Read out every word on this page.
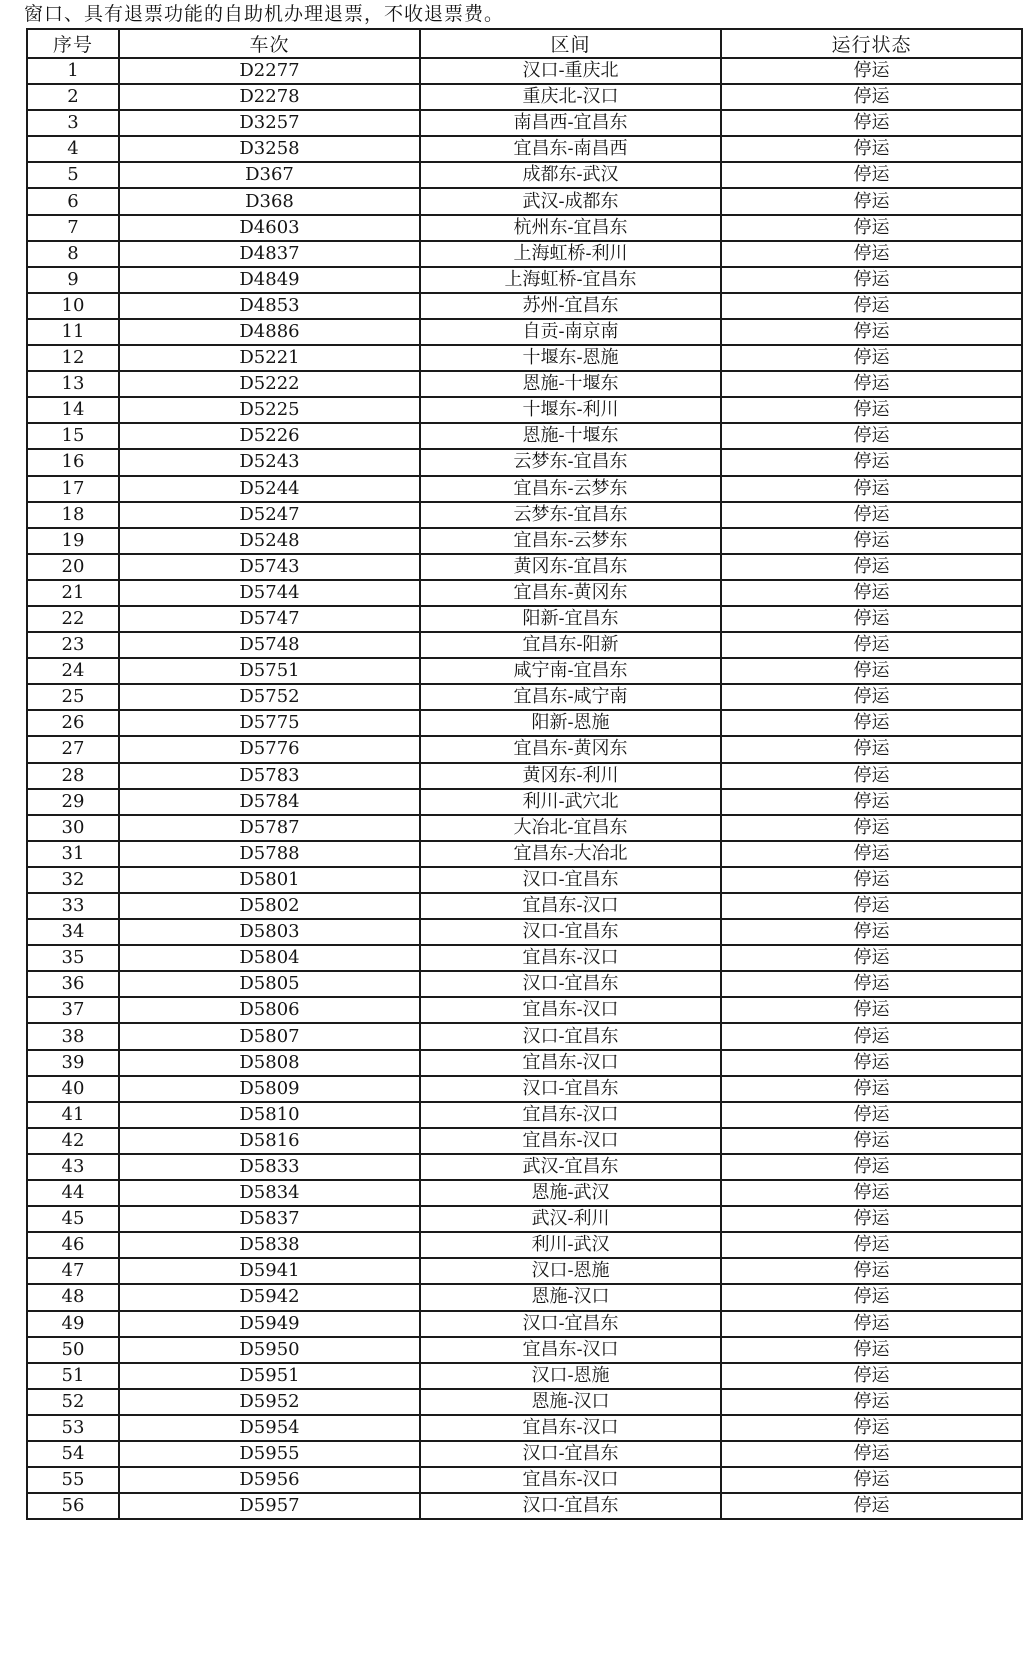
窗口、具有退票功能的自助机办理退票，不收退票费。
序号	车次	区间	运行状态
1	D2277	汉口-重庆北	停运
2	D2278	重庆北-汉口	停运
3	D3257	南昌西-宜昌东	停运
4	D3258	宜昌东-南昌西	停运
5	D367	成都东-武汉	停运
6	D368	武汉-成都东	停运
7	D4603	杭州东-宜昌东	停运
8	D4837	上海虹桥-利川	停运
9	D4849	上海虹桥-宜昌东	停运
10	D4853	苏州-宜昌东	停运
11	D4886	自贡-南京南	停运
12	D5221	十堰东-恩施	停运
13	D5222	恩施-十堰东	停运
14	D5225	十堰东-利川	停运
15	D5226	恩施-十堰东	停运
16	D5243	云梦东-宜昌东	停运
17	D5244	宜昌东-云梦东	停运
18	D5247	云梦东-宜昌东	停运
19	D5248	宜昌东-云梦东	停运
20	D5743	黄冈东-宜昌东	停运
21	D5744	宜昌东-黄冈东	停运
22	D5747	阳新-宜昌东	停运
23	D5748	宜昌东-阳新	停运
24	D5751	咸宁南-宜昌东	停运
25	D5752	宜昌东-咸宁南	停运
26	D5775	阳新-恩施	停运
27	D5776	宜昌东-黄冈东	停运
28	D5783	黄冈东-利川	停运
29	D5784	利川-武穴北	停运
30	D5787	大冶北-宜昌东	停运
31	D5788	宜昌东-大冶北	停运
32	D5801	汉口-宜昌东	停运
33	D5802	宜昌东-汉口	停运
34	D5803	汉口-宜昌东	停运
35	D5804	宜昌东-汉口	停运
36	D5805	汉口-宜昌东	停运
37	D5806	宜昌东-汉口	停运
38	D5807	汉口-宜昌东	停运
39	D5808	宜昌东-汉口	停运
40	D5809	汉口-宜昌东	停运
41	D5810	宜昌东-汉口	停运
42	D5816	宜昌东-汉口	停运
43	D5833	武汉-宜昌东	停运
44	D5834	恩施-武汉	停运
45	D5837	武汉-利川	停运
46	D5838	利川-武汉	停运
47	D5941	汉口-恩施	停运
48	D5942	恩施-汉口	停运
49	D5949	汉口-宜昌东	停运
50	D5950	宜昌东-汉口	停运
51	D5951	汉口-恩施	停运
52	D5952	恩施-汉口	停运
53	D5954	宜昌东-汉口	停运
54	D5955	汉口-宜昌东	停运
55	D5956	宜昌东-汉口	停运
56	D5957	汉口-宜昌东	停运
